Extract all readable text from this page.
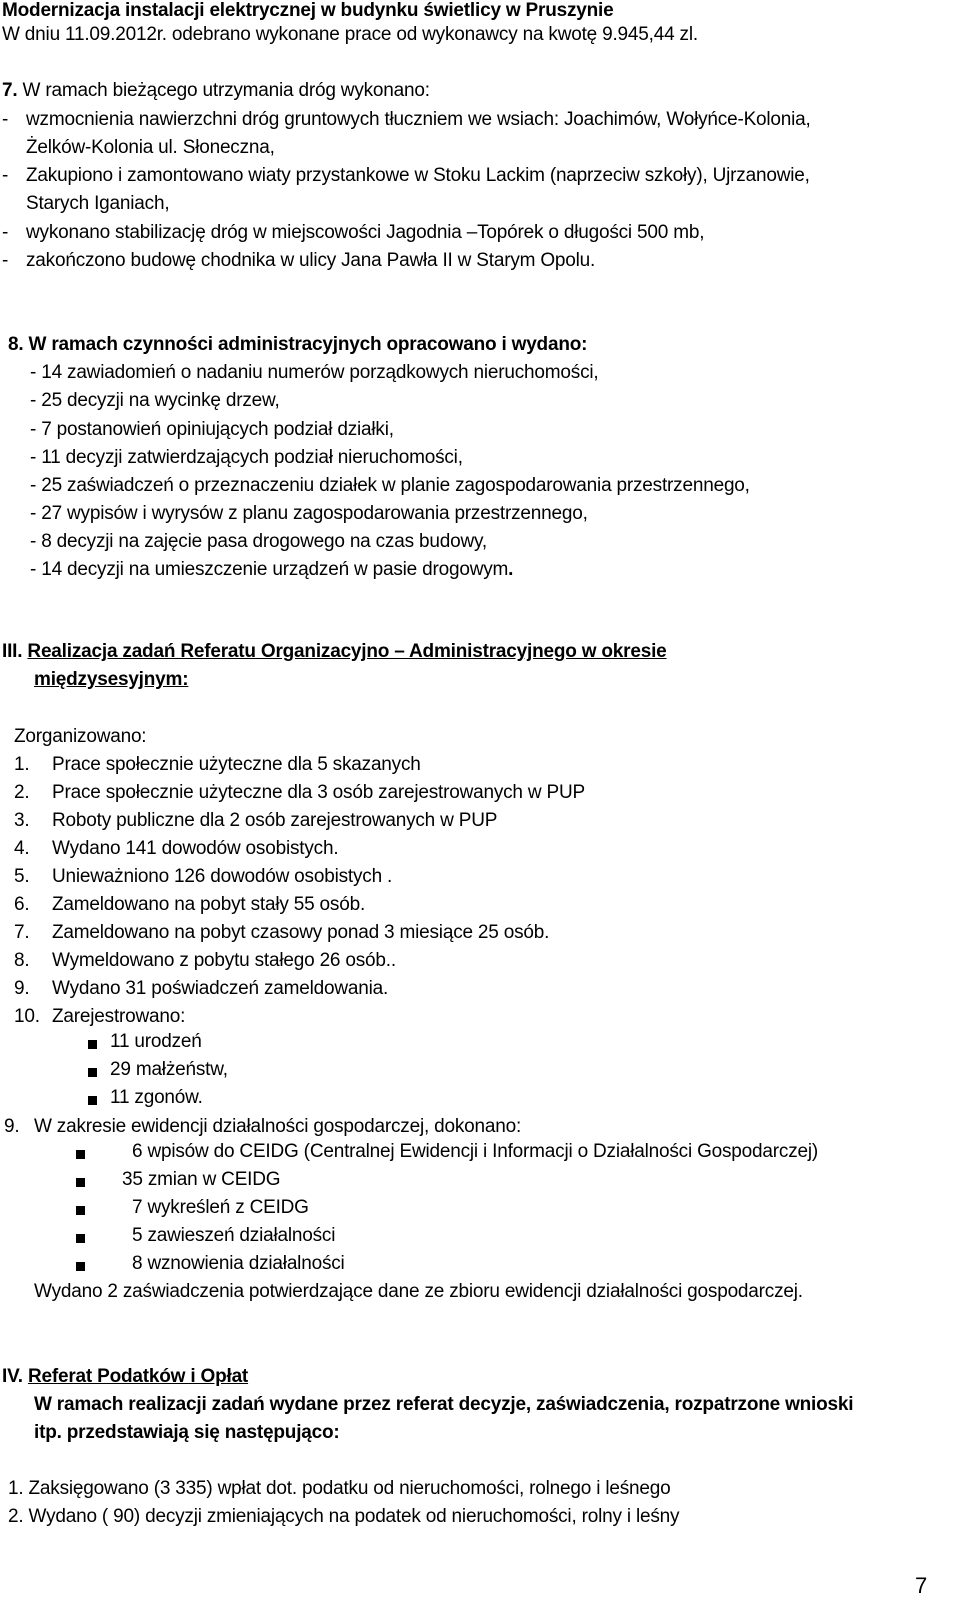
Modernizacja instalacji elektrycznej w budynku świetlicy w Pruszynie
W dniu 11.09.2012r. odebrano wykonane prace od wykonawcy na kwotę 9.945,44 zl.
7. W ramach bieżącego utrzymania dróg wykonano:
- wzmocnienia nawierzchni dróg gruntowych tłuczniem we wsiach: Joachimów, Wołyńce-Kolonia,
Żelków-Kolonia ul. Słoneczna,
- Zakupiono i zamontowano wiaty przystankowe w Stoku Lackim (naprzeciw szkoły), Ujrzanowie,
Starych Iganiach,
- wykonano stabilizację dróg w miejscowości Jagodnia –Topórek o długości 500 mb,
- zakończono budowę chodnika w ulicy Jana Pawła II w Starym Opolu.
8. W ramach czynności administracyjnych opracowano i wydano:
- 14 zawiadomień o nadaniu numerów porządkowych nieruchomości,
- 25 decyzji na wycinkę drzew,
- 7 postanowień opiniujących podział działki,
- 11 decyzji zatwierdzających podział nieruchomości,
- 25 zaświadczeń o przeznaczeniu działek w planie zagospodarowania przestrzennego,
- 27 wypisów i wyrysów z planu zagospodarowania przestrzennego,
- 8 decyzji na zajęcie pasa drogowego na czas budowy,
- 14 decyzji na umieszczenie urządzeń w pasie drogowym.
III. Realizacja zadań Referatu Organizacyjno – Administracyjnego w okresie
międzysesyjnym:
Zorganizowano:
1. Prace społecznie użyteczne dla 5 skazanych
2. Prace społecznie użyteczne dla 3 osób zarejestrowanych w PUP
3. Roboty publiczne dla 2 osób zarejestrowanych w PUP
4. Wydano 141 dowodów osobistych.
5. Unieważniono 126 dowodów osobistych .
6. Zameldowano na pobyt stały 55 osób.
7. Zameldowano na pobyt czasowy ponad 3 miesiące 25 osób.
8. Wymeldowano z pobytu stałego 26 osób..
9. Wydano 31 poświadczeń zameldowania.
10. Zarejestrowano:
11 urodzeń
29 małżeństw,
11 zgonów.
9. W zakresie ewidencji działalności gospodarczej, dokonano:
6 wpisów do CEIDG (Centralnej Ewidencji i Informacji o Działalności Gospodarczej)
35 zmian w CEIDG
7 wykreśleń z CEIDG
5 zawieszeń działalności
8 wznowienia działalności
Wydano 2 zaświadczenia potwierdzające dane ze zbioru ewidencji działalności gospodarczej.
IV. Referat Podatków i Opłat
W ramach realizacji zadań wydane przez referat decyzje, zaświadczenia, rozpatrzone wnioski
itp. przedstawiają się następująco:
1. Zaksięgowano (3 335) wpłat dot. podatku od nieruchomości, rolnego i leśnego
2. Wydano ( 90) decyzji zmieniających na podatek od nieruchomości, rolny i leśny
7
